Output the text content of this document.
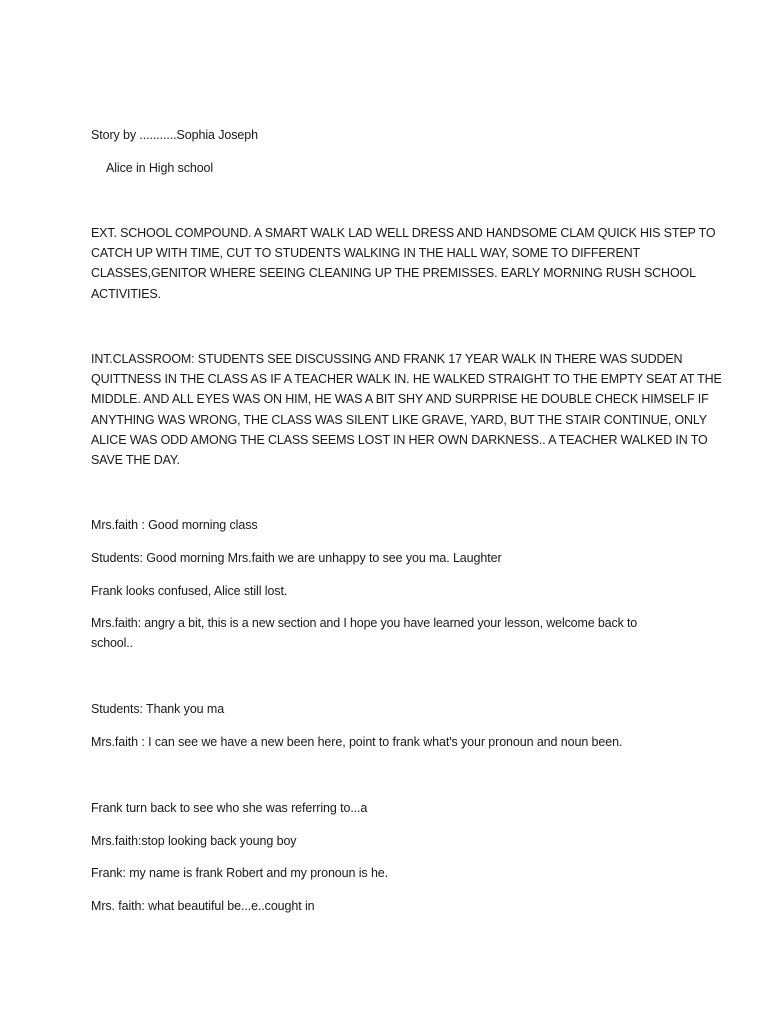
Story by ...........Sophia Joseph
Alice in High school
EXT. SCHOOL COMPOUND. A SMART WALK LAD WELL DRESS AND HANDSOME CLAM QUICK HIS STEP TO
CATCH UP WITH TIME, CUT TO STUDENTS WALKING IN THE HALL WAY, SOME TO DIFFERENT
CLASSES,GENITOR WHERE SEEING CLEANING UP THE PREMISSES. EARLY MORNING RUSH SCHOOL
ACTIVITIES.
INT.CLASSROOM: STUDENTS SEE DISCUSSING AND FRANK 17 YEAR WALK IN THERE WAS SUDDEN
QUITTNESS IN THE CLASS AS IF A TEACHER WALK IN. HE WALKED STRAIGHT TO THE EMPTY SEAT AT THE
MIDDLE. AND ALL EYES WAS ON HIM, HE WAS A BIT SHY AND SURPRISE HE DOUBLE CHECK HIMSELF IF
ANYTHING WAS WRONG, THE CLASS WAS SILENT LIKE GRAVE, YARD, BUT THE STAIR CONTINUE, ONLY
ALICE WAS ODD AMONG THE CLASS SEEMS LOST IN HER OWN DARKNESS.. A TEACHER WALKED IN TO
SAVE THE DAY.
Mrs.faith : Good morning class
Students: Good morning Mrs.faith we are unhappy to see you ma. Laughter
Frank looks confused, Alice still lost.
Mrs.faith: angry a bit, this is a new section and I hope you have learned your lesson, welcome back to
school..
Students: Thank you ma
Mrs.faith : I can see we have a new been here, point to frank what's your pronoun and noun been.
Frank turn back to see who she was referring to...a
Mrs.faith:stop looking back young boy
Frank: my name is frank Robert and my pronoun is he.
Mrs. faith: what beautiful be...e..cought in
